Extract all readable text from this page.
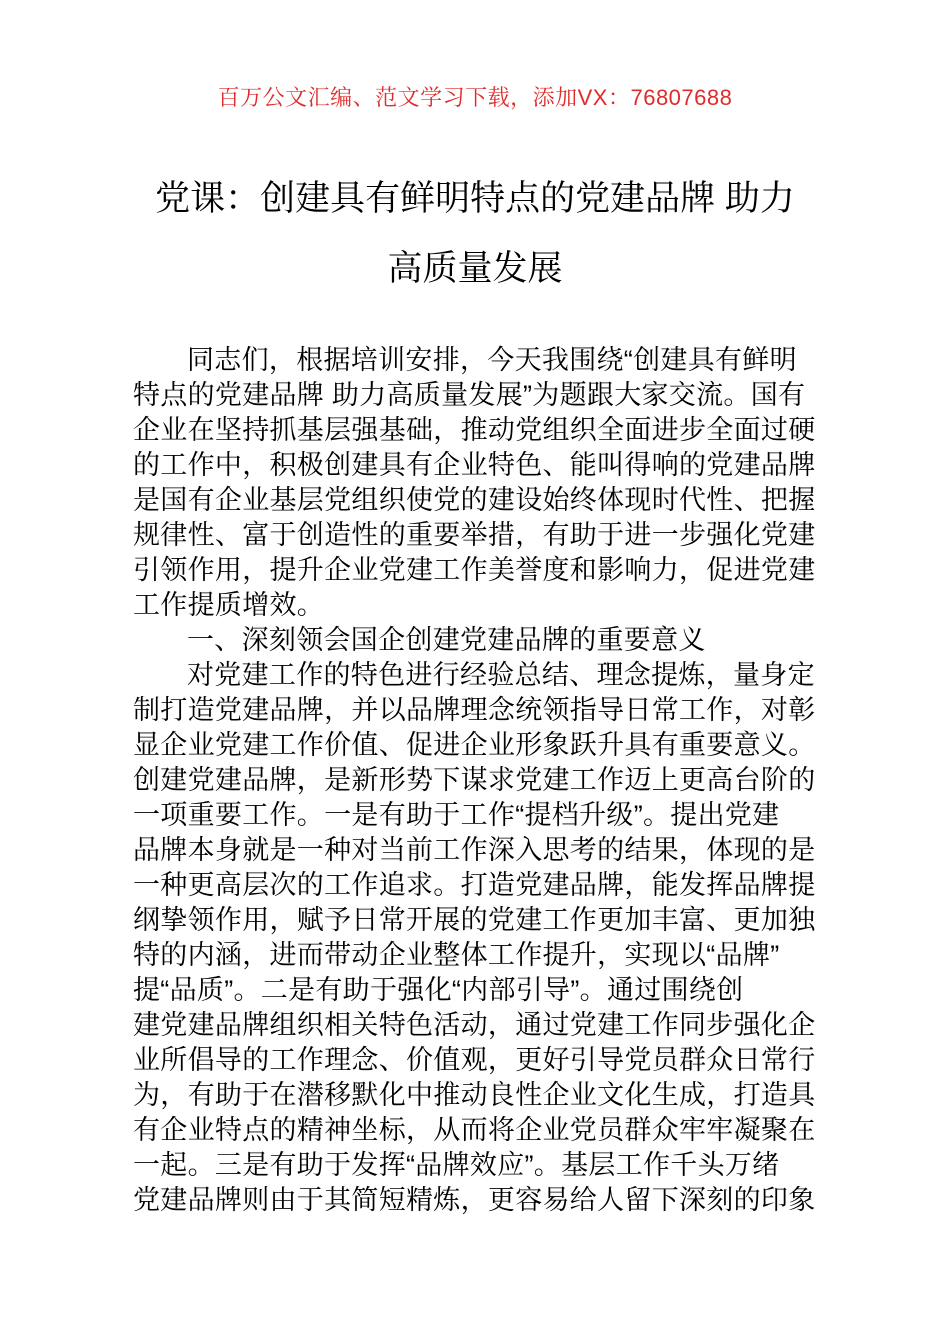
百万公文汇编、范文学习下载，添加VX：76807688
党课：创建具有鲜明特点的党建品牌 助力
高质量发展
同志们，根据培训安排，今天我围绕“创建具有鲜明
特点的党建品牌 助力高质量发展”为题跟大家交流。国有
企业在坚持抓基层强基础，推动党组织全面进步全面过硬
的工作中，积极创建具有企业特色、能叫得响的党建品牌
是国有企业基层党组织使党的建设始终体现时代性、把握
规律性、富于创造性的重要举措，有助于进一步强化党建
引领作用，提升企业党建工作美誉度和影响力，促进党建
工作提质增效。
一、深刻领会国企创建党建品牌的重要意义
对党建工作的特色进行经验总结、理念提炼，量身定
制打造党建品牌，并以品牌理念统领指导日常工作，对彰
显企业党建工作价值、促进企业形象跃升具有重要意义。
创建党建品牌，是新形势下谋求党建工作迈上更高台阶的
一项重要工作。一是有助于工作“提档升级”。提出党建
品牌本身就是一种对当前工作深入思考的结果，体现的是
一种更高层次的工作追求。打造党建品牌，能发挥品牌提
纲挚领作用，赋予日常开展的党建工作更加丰富、更加独
特的内涵，进而带动企业整体工作提升，实现以“品牌”
提“品质”。二是有助于强化“内部引导”。通过围绕创
建党建品牌组织相关特色活动，通过党建工作同步强化企
业所倡导的工作理念、价值观，更好引导党员群众日常行
为，有助于在潜移默化中推动良性企业文化生成，打造具
有企业特点的精神坐标，从而将企业党员群众牢牢凝聚在
一起。三是有助于发挥“品牌效应”。基层工作千头万绪
党建品牌则由于其简短精炼，更容易给人留下深刻的印象
